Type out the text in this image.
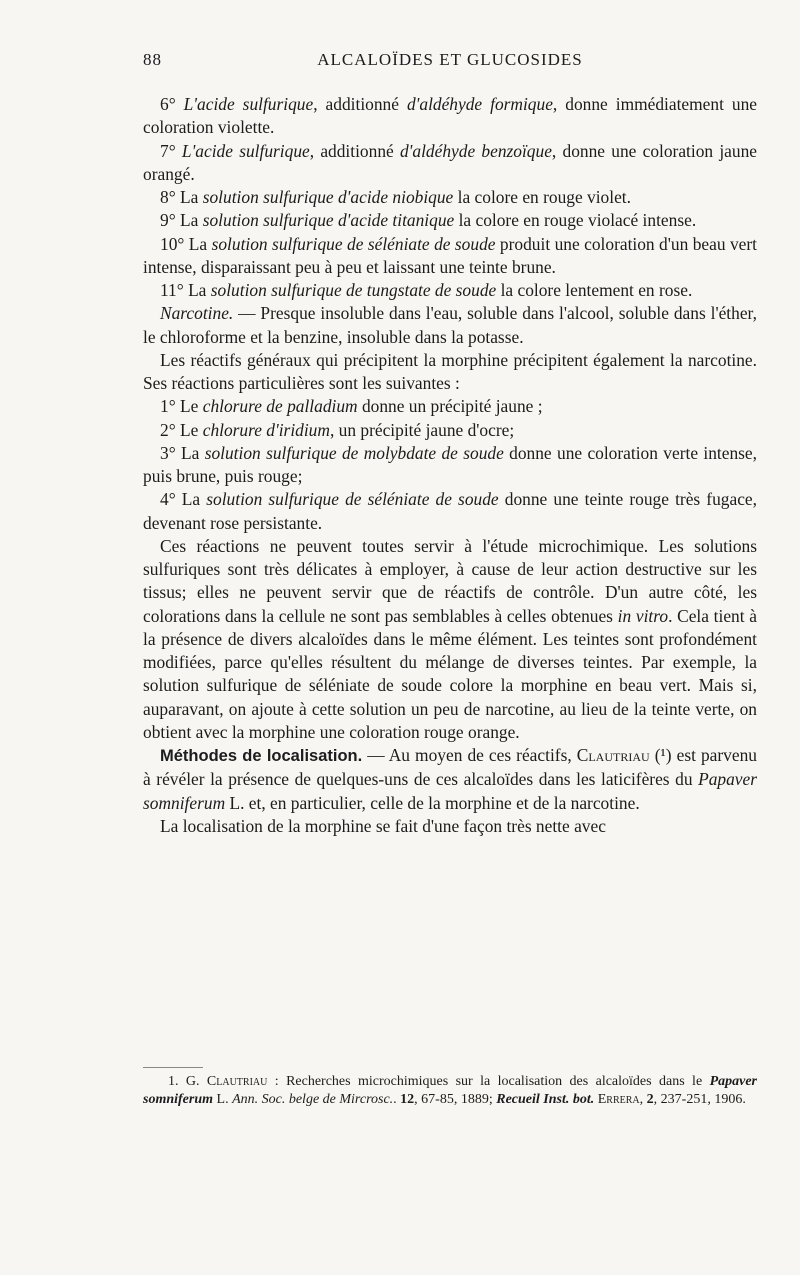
88	ALCALOÏDES ET GLUCOSIDES

6° L'acide sulfurique, additionné d'aldéhyde formique, donne immédiatement une coloration violette.

7° L'acide sulfurique, additionné d'aldéhyde benzoïque, donne une coloration jaune orangé.

8° La solution sulfurique d'acide niobique la colore en rouge violet.

9° La solution sulfurique d'acide titanique la colore en rouge violacé intense.

10° La solution sulfurique de séléniate de soude produit une coloration d'un beau vert intense, disparaissant peu à peu et laissant une teinte brune.

11° La solution sulfurique de tungstate de soude la colore lentement en rose.

Narcotine. — Presque insoluble dans l'eau, soluble dans l'alcool, soluble dans l'éther, le chloroforme et la benzine, insoluble dans la potasse.

Les réactifs généraux qui précipitent la morphine précipitent également la narcotine. Ses réactions particulières sont les suivantes :

1° Le chlorure de palladium donne un précipité jaune ;

2° Le chlorure d'iridium, un précipité jaune d'ocre;

3° La solution sulfurique de molybdate de soude donne une coloration verte intense, puis brune, puis rouge;

4° La solution sulfurique de séléniate de soude donne une teinte rouge très fugace, devenant rose persistante.

Ces réactions ne peuvent toutes servir à l'étude microchimique. Les solutions sulfuriques sont très délicates à employer, à cause de leur action destructive sur les tissus; elles ne peuvent servir que de réactifs de contrôle. D'un autre côté, les colorations dans la cellule ne sont pas semblables à celles obtenues in vitro. Cela tient à la présence de divers alcaloïdes dans le même élément. Les teintes sont profondément modifiées, parce qu'elles résultent du mélange de diverses teintes. Par exemple, la solution sulfurique de séléniate de soude colore la morphine en beau vert. Mais si, auparavant, on ajoute à cette solution un peu de narcotine, au lieu de la teinte verte, on obtient avec la morphine une coloration rouge orange.

Méthodes de localisation. — Au moyen de ces réactifs, Clautriau (¹) est parvenu à révéler la présence de quelques-uns de ces alcaloïdes dans les laticifères du Papaver somniferum L. et, en particulier, celle de la morphine et de la narcotine.

La localisation de la morphine se fait d'une façon très nette avec

1. G. Clautriau : Recherches microchimiques sur la localisation des alcaloïdes dans le Papaver somniferum L. Ann. Soc. belge de Mircrosc.. 12, 67-85, 1889; Recueil Inst. bot. Errera, 2, 237-251, 1906.
